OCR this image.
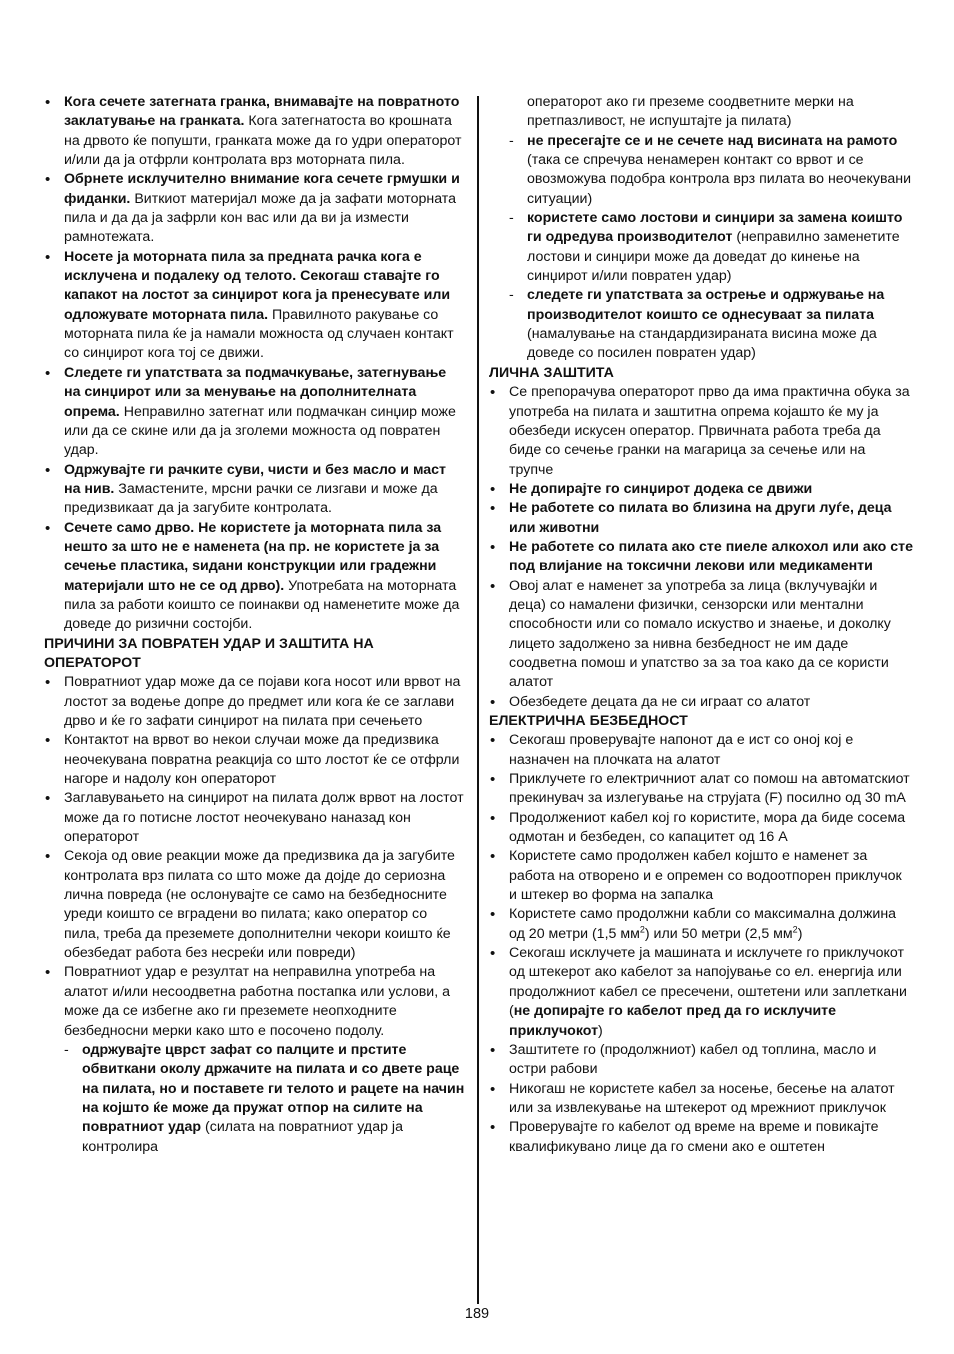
• Кога сечете затегната гранка, внимавајте на повратното заклатување на гранката. Кога затегнатоста во крошната на дрвото ќе попушти, гранката може да го удри операторот и/или да ја отфрли контролата врз моторната пила.
• Обрнете исклучително внимание кога сечете грмушки и фиданки. Виткиот материјал може да ја зафати моторната пила и да да ја зафрли кон вас или да ви ја измести рамнотежата.
• Носете ја моторната пила за предната рачка кога е исклучена и подалеку од телото. Секогаш ставајте го капакот на лостот за синџирот кога ја пренесувате или одложувате моторната пила. Правилното ракување со моторната пила ќе ја намали можноста од случаен контакт со синџирот кога тој се движи.
• Следете ги упатствата за подмачкување, затегнување на синџирот или за менување на дополнителната опрема. Неправилно затегнат или подмачкан синџир може или да се скине или да ја зголеми можноста од повратен удар.
• Одржувајте ги рачките суви, чисти и без масло и маст на нив. Замастените, мрсни рачки се лизгави и може да предизвикаат да ја загубите контролата.
• Сечете само дрво. Не користете ја моторната пила за нешто за што не е наменета (на пр. не користете ја за сечење пластика, ѕидани конструкции или градежни материјали што не се од дрво). Употребата на моторната пила за работи коишто се поинакви од наменетите може да доведе до ризични состојби.
ПРИЧИНИ ЗА ПОВРАТЕН УДАР И ЗАШТИТА НА ОПЕРАТОРОТ
• Повратниот удар може да се појави кога носот или врвот на лостот за водење допре до предмет или кога ќе се заглави дрво и ќе го зафати синџирот на пилата при сечењето
• Контактот на врвот во некои случаи може да предизвика неочекувана повратна реакција со што лостот ќе се отфрли нагоре и надолу кон операторот
• Заглавувањето на синџирот на пилата долж врвот на лостот може да го потисне лостот неочекувано наназад кон операторот
• Секоја од овие реакции може да предизвика да ја загубите контролата врз пилата со што може да дојде до сериозна лична повреда (не ослонувајте се само на безбедносните уреди коишто се вградени во пилата; како оператор со пила, треба да преземете дополнителни чекори коишто ќе обезбедат работа без несреќи или повреди)
• Повратниот удар е резултат на неправилна употреба на алатот и/или несоодветна работна постапка или услови, а може да се избегне ако ги преземете неопходните безбедносни мерки како што е посочено подолу.
- одржувајте цврст зафат со палците и прстите обвиткани околу држачите на пилата и со двете раце на пилата, но и поставете ги телото и рацете на начин на којшто ќе може да пружат отпор на силите на повратниот удар (силата на повратниот удар ја контролира
операторот ако ги преземе соодветните мерки на претпазливост, не испуштајте ја пилата)
- не пресегајте се и не сечете над висината на рамото (така се спречува ненамерен контакт со врвот и се овозможува подобра контрола врз пилата во неочекувани ситуации)
- користете само лостови и синџири за замена коишто ги одредува производителот (неправилно заменетите лостови и синџири може да доведат до кинење на синџирот и/или повратен удар)
- следете ги упатствата за острење и одржување на производителот коишто се однесуваат за пилата (намалување на стандардизираната висина може да доведе со посилен повратен удар)
ЛИЧНА ЗАШТИТА
• Се препорачува операторот прво да има практична обука за употреба на пилата и заштитна опрема којашто ќе му ја обезбеди искусен оператор. Првичната работа треба да биде со сечење гранки на магарица за сечење или на трупче
• Не допирајте го синџирот додека се движи
• Не работете со пилата во близина на други луѓе, деца или животни
• Не работете со пилата ако сте пиеле алкохол или ако сте под влијание на токсични лекови или медикаменти
• Овој алат е наменет за употреба за лица (вклучувајќи и деца) со намалени физички, сензорски или ментални способности или со помало искуство и знаење, и доколку лицето задолжено за нивна безбедност не им даде соодветна помош и упатство за за тоа како да се користи алатот
• Обезбедете децата да не си играат со алатот
ЕЛЕКТРИЧНА БЕЗБЕДНОСТ
• Секогаш проверувајте напонот да е ист со оној кој е назначен на плочката на алатот
• Приклучете го електричниот алат со помош на автоматскиот прекинувач за излегување на струјата (F) посилно од 30 mA
• Продолжениот кабел кој го користите, мора да биде сосема одмотан и безбеден, со капацитет од 16 A
• Користете само продолжен кабел којшто е наменет за работа на отворено и е опремен со водоотпорен приклучок и штекер во форма на запалка
• Користете само продолжни кабли со максимална должина од 20 метри (1,5 $мм^2$) или 50 метри (2,5 $мм^2$)
• Секогаш исклучете ја машината и исклучете го приклучокот од штекерот ако кабелот за напојување со ел. енергија или продолжниот кабел се пресечени, оштетени или заплеткани (не допирајте го кабелот пред да го исклучите приклучокот)
• Заштитете го (продолжниот) кабел од топлина, масло и остри рабови
• Никогаш не користете кабел за носење, бесење на алатот или за извлекување на штекерот од мрежниот приклучок
• Проверувајте го кабелот од време на време и повикајте квалификувано лице да го смени ако е оштетен
189
